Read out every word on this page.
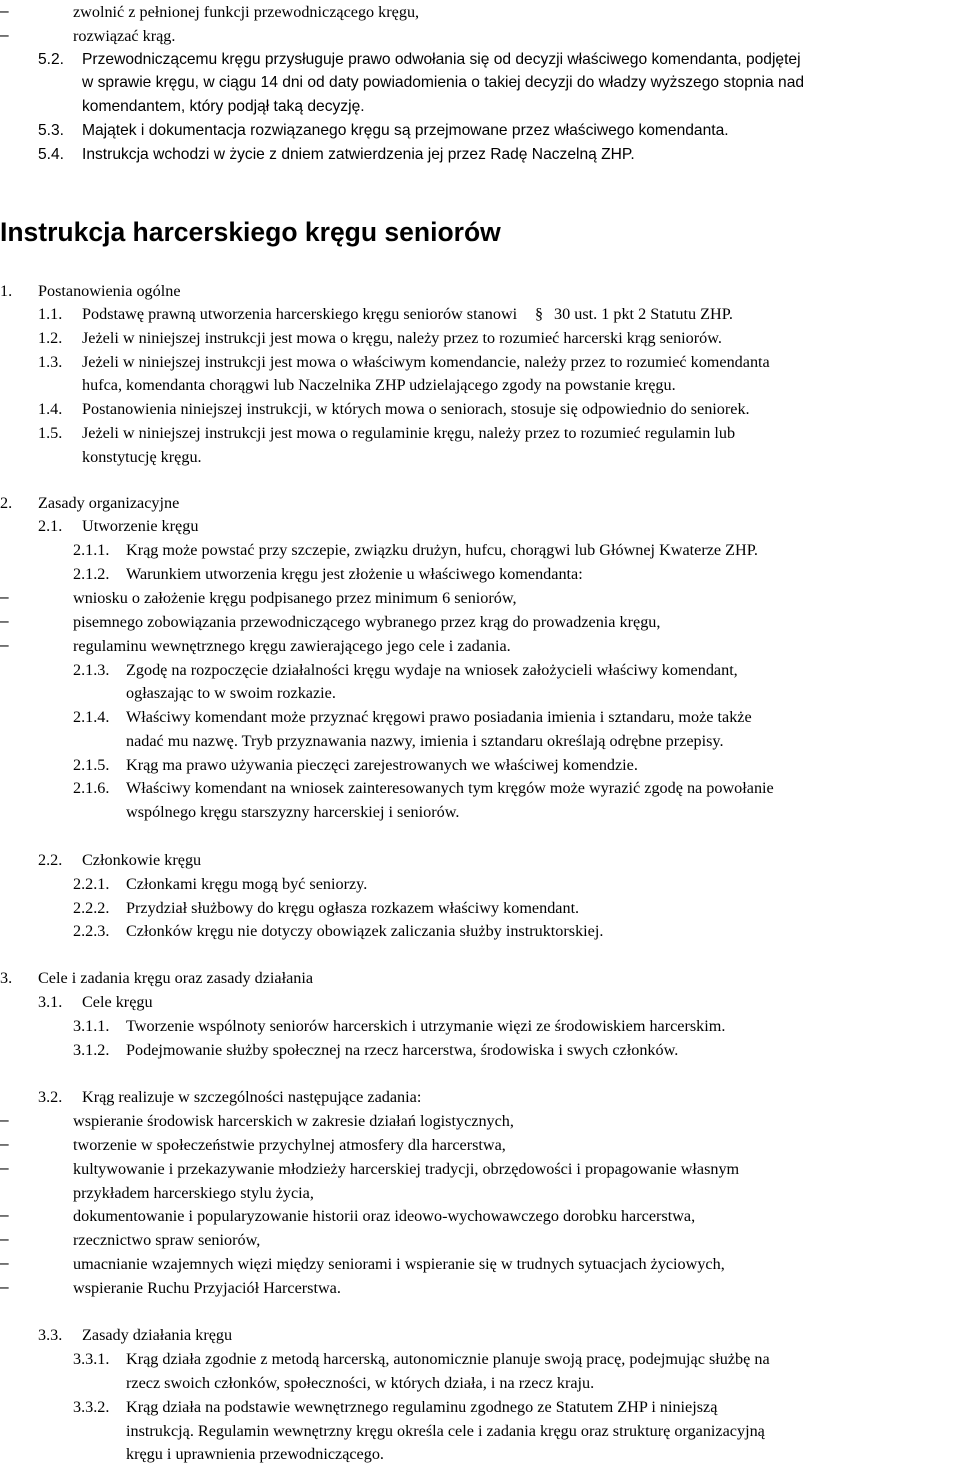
–	zwolnić z pełnionej funkcji przewodniczącego kręgu,
–	rozwiązać krąg.
5.2. Przewodniczącemu kręgu przysługuje prawo odwołania się od decyzji właściwego komendanta, podjętej
w sprawie kręgu, w ciągu 14 dni od daty powiadomienia o takiej decyzji do władzy wyższego stopnia nad
komendantem, który podjął taką decyzję.
5.3. Majątek i dokumentacja rozwiązanego kręgu są przejmowane przez właściwego komendanta.
5.4. Instrukcja wchodzi w życie z dniem zatwierdzenia jej przez Radę Naczelną ZHP.
Instrukcja harcerskiego kręgu seniorów
1. Postanowienia ogólne
1.1. Podstawę prawną utworzenia harcerskiego kręgu seniorów stanowi § 30 ust. 1 pkt 2 Statutu ZHP.
1.2. Jeżeli w niniejszej instrukcji jest mowa o kręgu, należy przez to rozumieć harcerski krąg seniorów.
1.3. Jeżeli w niniejszej instrukcji jest mowa o właściwym komendancie, należy przez to rozumieć komendanta
hufca, komendanta chorągwi lub Naczelnika ZHP udzielającego zgody na powstanie kręgu.
1.4. Postanowienia niniejszej instrukcji, w których mowa o seniorach, stosuje się odpowiednio do seniorek.
1.5. Jeżeli w niniejszej instrukcji jest mowa o regulaminie kręgu, należy przez to rozumieć regulamin lub
konstytucję kręgu.
2. Zasady organizacyjne
2.1. Utworzenie kręgu
2.1.1. Krąg może powstać przy szczepie, związku drużyn, hufcu, chorągwi lub Głównej Kwaterze ZHP.
2.1.2. Warunkiem utworzenia kręgu jest złożenie u właściwego komendanta:
–	wniosku o założenie kręgu podpisanego przez minimum 6 seniorów,
–	pisemnego zobowiązania przewodniczącego wybranego przez krąg do prowadzenia kręgu,
–	regulaminu wewnętrznego kręgu zawierającego jego cele i zadania.
2.1.3. Zgodę na rozpoczęcie działalności kręgu wydaje na wniosek założycieli właściwy komendant,
ogłaszając to w swoim rozkazie.
2.1.4. Właściwy komendant może przyznać kręgowi prawo posiadania imienia i sztandaru, może także
nadać mu nazwę. Tryb przyznawania nazwy, imienia i sztandaru określają odrębne przepisy.
2.1.5. Krąg ma prawo używania pieczęci zarejestrowanych we właściwej komendzie.
2.1.6. Właściwy komendant na wniosek zainteresowanych tym kręgów może wyrazić zgodę na powołanie
wspólnego kręgu starszyzny harcerskiej i seniorów.
2.2. Członkowie kręgu
2.2.1. Członkami kręgu mogą być seniorzy.
2.2.2. Przydział służbowy do kręgu ogłasza rozkazem właściwy komendant.
2.2.3. Członków kręgu nie dotyczy obowiązek zaliczania służby instruktorskiej.
3. Cele i zadania kręgu oraz zasady działania
3.1. Cele kręgu
3.1.1. Tworzenie wspólnoty seniorów harcerskich i utrzymanie więzi ze środowiskiem harcerskim.
3.1.2. Podejmowanie służby społecznej na rzecz harcerstwa, środowiska i swych członków.
3.2. Krąg realizuje w szczególności następujące zadania:
–	wspieranie środowisk harcerskich w zakresie działań logistycznych,
–	tworzenie w społeczeństwie przychylnej atmosfery dla harcerstwa,
–	kultywowanie i przekazywanie młodzieży harcerskiej tradycji, obrzędowości i propagowanie własnym
przykładem harcerskiego stylu życia,
–	dokumentowanie i popularyzowanie historii oraz ideowo-wychowawczego dorobku harcerstwa,
–	rzecznictwo spraw seniorów,
–	umacnianie wzajemnych więzi między seniorami i wspieranie się w trudnych sytuacjach życiowych,
–	wspieranie Ruchu Przyjaciół Harcerstwa.
3.3. Zasady działania kręgu
3.3.1. Krąg działa zgodnie z metodą harcerską, autonomicznie planuje swoją pracę, podejmując służbę na
rzecz swoich członków, społeczności, w których działa, i na rzecz kraju.
3.3.2. Krąg działa na podstawie wewnętrznego regulaminu zgodnego ze Statutem ZHP i niniejszą
instrukcją. Regulamin wewnętrzny kręgu określa cele i zadania kręgu oraz strukturę organizacyjną
kręgu i uprawnienia przewodniczącego.
